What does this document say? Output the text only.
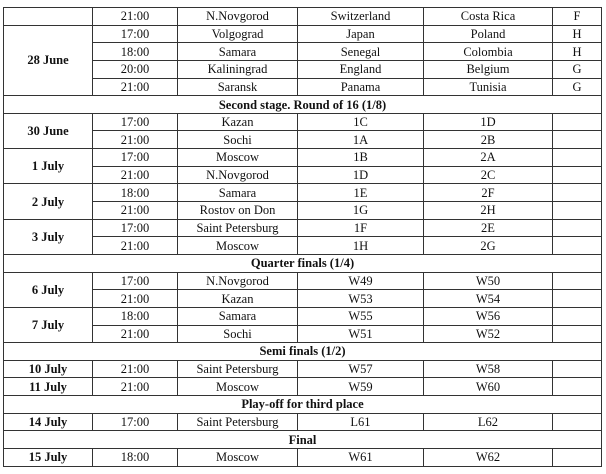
	21:00	N.Novgorod	Switzerland	Costa Rica	F
28 June	17:00	Volgograd	Japan	Poland	H
	18:00	Samara	Senegal	Colombia	H
	20:00	Kaliningrad	England	Belgium	G
	21:00	Saransk	Panama	Tunisia	G
Second stage. Round of 16 (1/8)					
30 June	17:00	Kazan	1C	1D	
	21:00	Sochi	1A	2B	
1 July	17:00	Moscow	1B	2A	
	21:00	N.Novgorod	1D	2C	
2 July	18:00	Samara	1E	2F	
	21:00	Rostov on Don	1G	2H	
3 July	17:00	Saint Petersburg	1F	2E	
	21:00	Moscow	1H	2G	
Quarter finals (1/4)					
6 July	17:00	N.Novgorod	W49	W50	
	21:00	Kazan	W53	W54	
7 July	18:00	Samara	W55	W56	
	21:00	Sochi	W51	W52	
Semi finals (1/2)					
10 July	21:00	Saint Petersburg	W57	W58	
11 July	21:00	Moscow	W59	W60	
Play-off for third place					
14 July	17:00	Saint Petersburg	L61	L62	
Final					
15 July	18:00	Moscow	W61	W62	
